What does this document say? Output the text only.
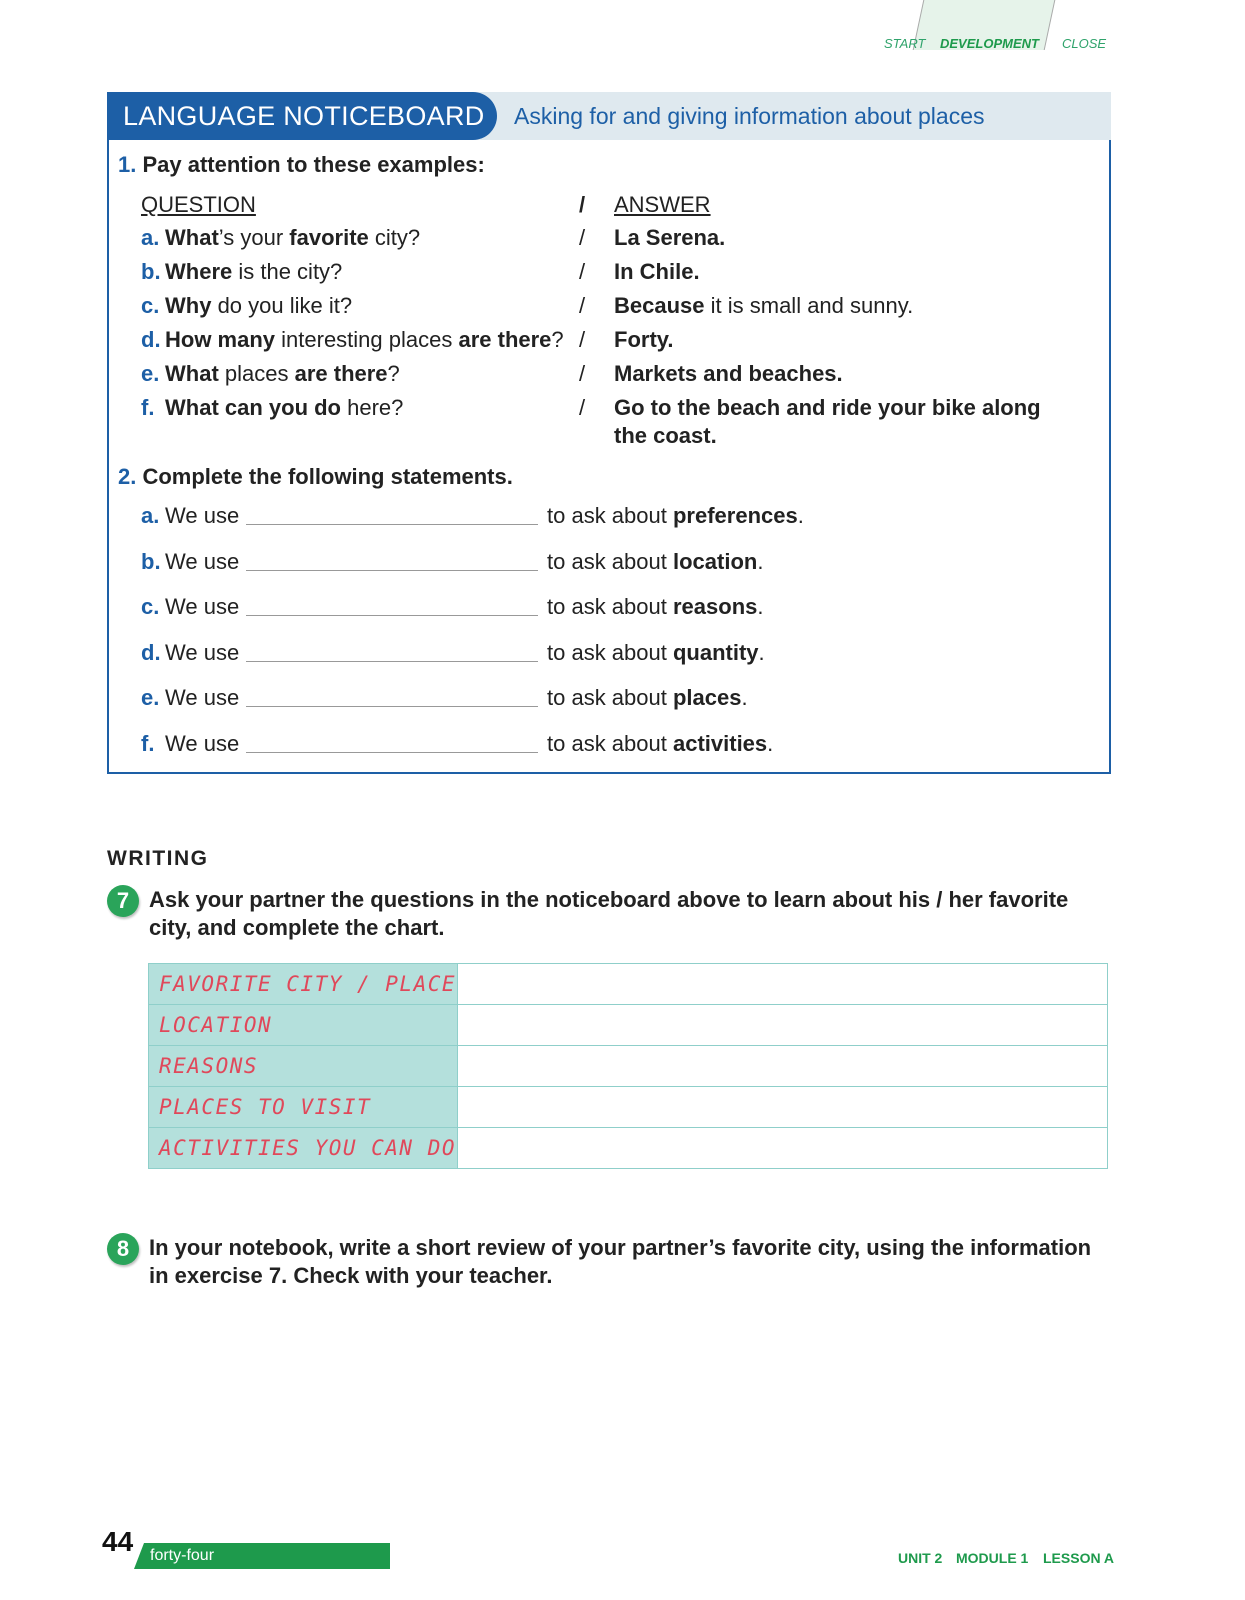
START DEVELOPMENT CLOSE
LANGUAGE NOTICEBOARD	Asking for and giving information about places
1. Pay attention to these examples:
QUESTION	/ ANSWER
a. What’s your favorite city?	/ La Serena.
b. Where is the city?	/ In Chile.
c. Why do you like it?	/ Because it is small and sunny.
d. How many interesting places are there? / Forty.
e. What places are there?	/ Markets and beaches.
f. What can you do here?	/ Go to the beach and ride your bike along
the coast.
2. Complete the following statements.
a. We use	to ask about preferences.
b. We use	to ask about location.
c. We use	to ask about reasons.
d. We use	to ask about quantity.
e. We use	to ask about places.
f. We use	to ask about activities.
WRITING
7 Ask your partner the questions in the noticeboard above to learn about his / her favorite
city, and complete the chart.
FAVORITE CITY / PLACE	
LOCATION	
REASONS	
PLACES TO VISIT	
ACTIVITIES YOU CAN DO	
8 In your notebook, write a short review of your partner’s favorite city, using the information
in exercise 7. Check with your teacher.
44 forty-four	UNIT 2 MODULE 1 LESSON A
